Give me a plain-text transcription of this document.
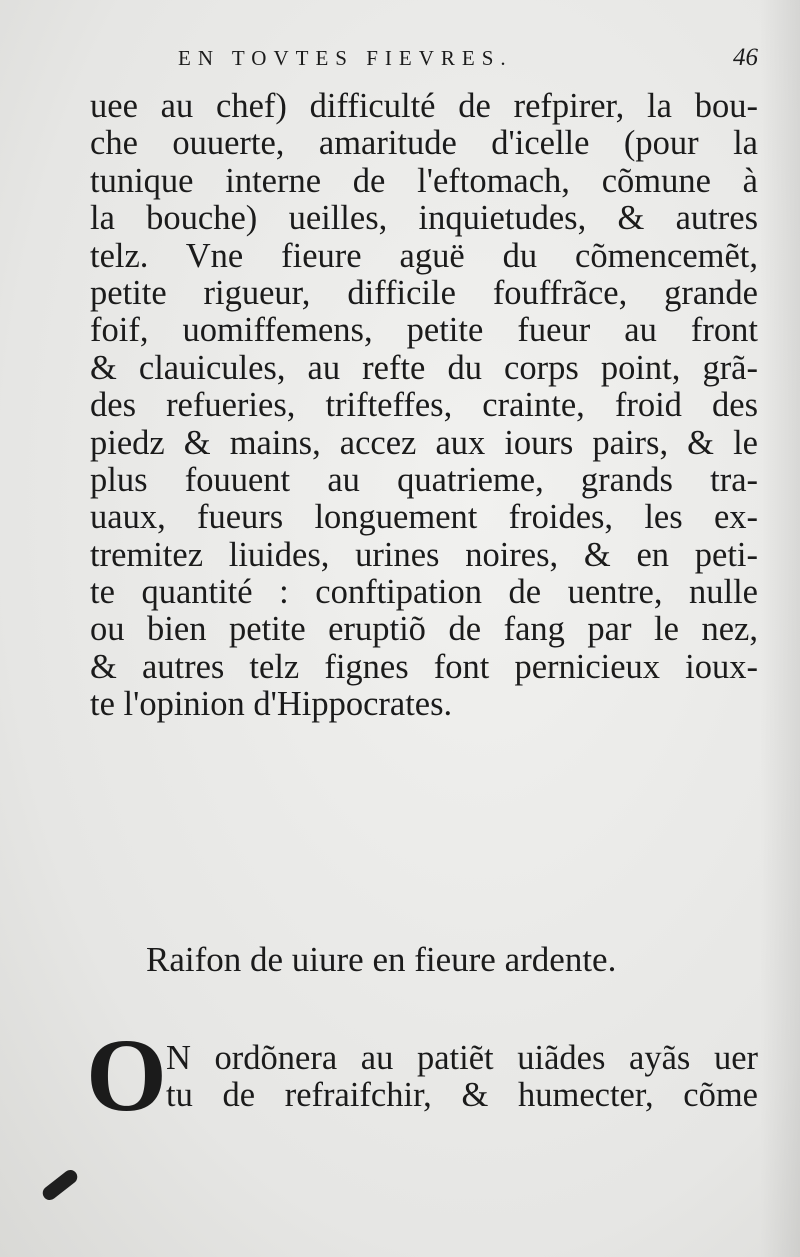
EN TOVTES FIEVRES.	46
uee au chef) difficulté de refpirer, la bou-
che ouuerte, amaritude d'icelle (pour la
tunique interne de l'eftomach, cõmune à
la bouche) ueilles, inquietudes, & autres
telz. Vne fieure aguë du cõmencemẽt,
petite rigueur, difficile fouffrãce, grande
foif, uomiffemens, petite fueur au front
& clauicules, au refte du corps point, grã-
des refueries, trifteffes, crainte, froid des
piedz & mains, accez aux iours pairs, & le
plus fouuent au quatrieme, grands tra-
uaux, fueurs longuement froides, les ex-
tremitez liuides, urines noires, & en peti-
te quantité : conftipation de uentre, nulle
ou bien petite eruptiõ de fang par le nez,
& autres telz fignes font pernicieux ioux-
te l'opinion d'Hippocrates.
Raifon de uiure en fieure ardente.
O N ordõnera au patiẽt uiãdes ayãs uer
tu de refraifchir, & humecter, cõme
